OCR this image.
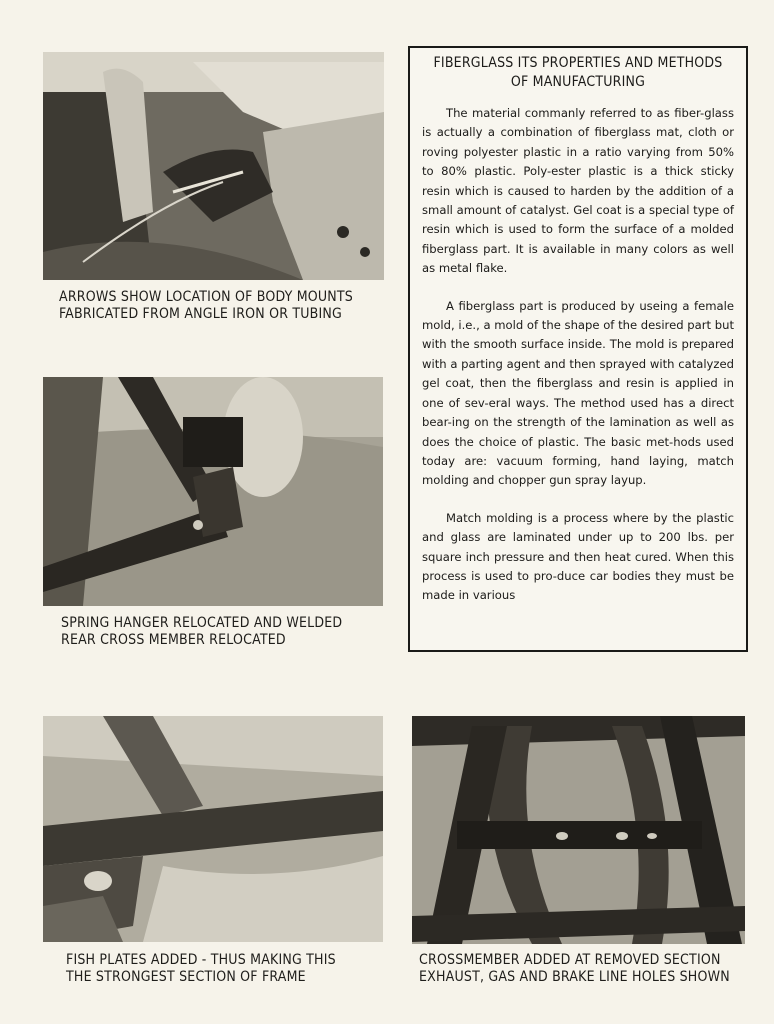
ARROWS SHOW LOCATION OF BODY MOUNTS
FABRICATED FROM ANGLE IRON OR TUBING
SPRING HANGER RELOCATED AND WELDED
REAR CROSS MEMBER RELOCATED
FIBERGLASS ITS PROPERTIES AND METHODS
OF MANUFACTURING

The material commanly referred to as fiber-glass is actually a combination of fiberglass mat, cloth or roving polyester plastic in a ratio varying from 50% to 80% plastic. Poly-ester plastic is a thick sticky resin which is caused to harden by the addition of a small amount of catalyst. Gel coat is a special type of resin which is used to form the surface of a molded fiberglass part. It is available in many colors as well as metal flake.

A fiberglass part is produced by useing a female mold, i.e., a mold of the shape of the desired part but with the smooth surface inside. The mold is prepared with a parting agent and then sprayed with catalyzed gel coat, then the fiberglass and resin is applied in one of sev-eral ways. The method used has a direct bear-ing on the strength of the lamination as well as does the choice of plastic. The basic met-hods used today are: vacuum forming, hand laying, match molding and chopper gun spray layup.

Match molding is a process where by the plastic and glass are laminated under up to 200 lbs. per square inch pressure and then heat cured. When this process is used to pro-duce car bodies they must be made in various

FISH PLATES ADDED - THUS MAKING THIS
THE STRONGEST SECTION OF FRAME
CROSSMEMBER ADDED AT REMOVED SECTION
EXHAUST, GAS AND BRAKE LINE HOLES SHOWN
